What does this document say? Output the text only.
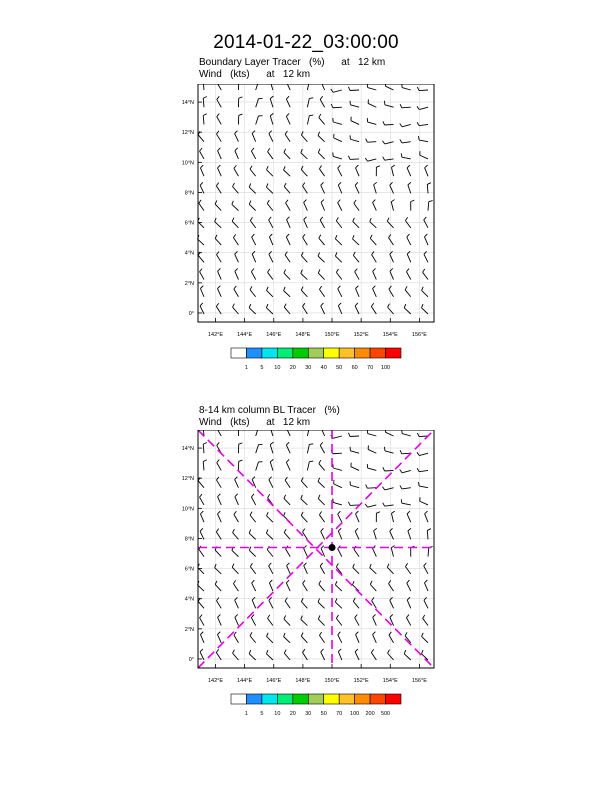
2014-01-22_03:00:00
Boundary Layer Tracer   (%)      at   12 km
Wind   (kts)      at   12 km
142°E	144°E	146°E	148°E	150°E	152°E	154°E	156°E
0°
2°N
4°N
6°N
8°N
10°N
12°N
14°N
1 5 10 20 30 40 50 60 70 100
8-14 km column BL Tracer   (%)
Wind   (kts)      at   12 km
142°E	144°E	146°E	148°E	150°E	152°E	154°E	156°E
0°
2°N
4°N
6°N
8°N
10°N
12°N
14°N
1 5 10 20 30 50 70 100 200 500
